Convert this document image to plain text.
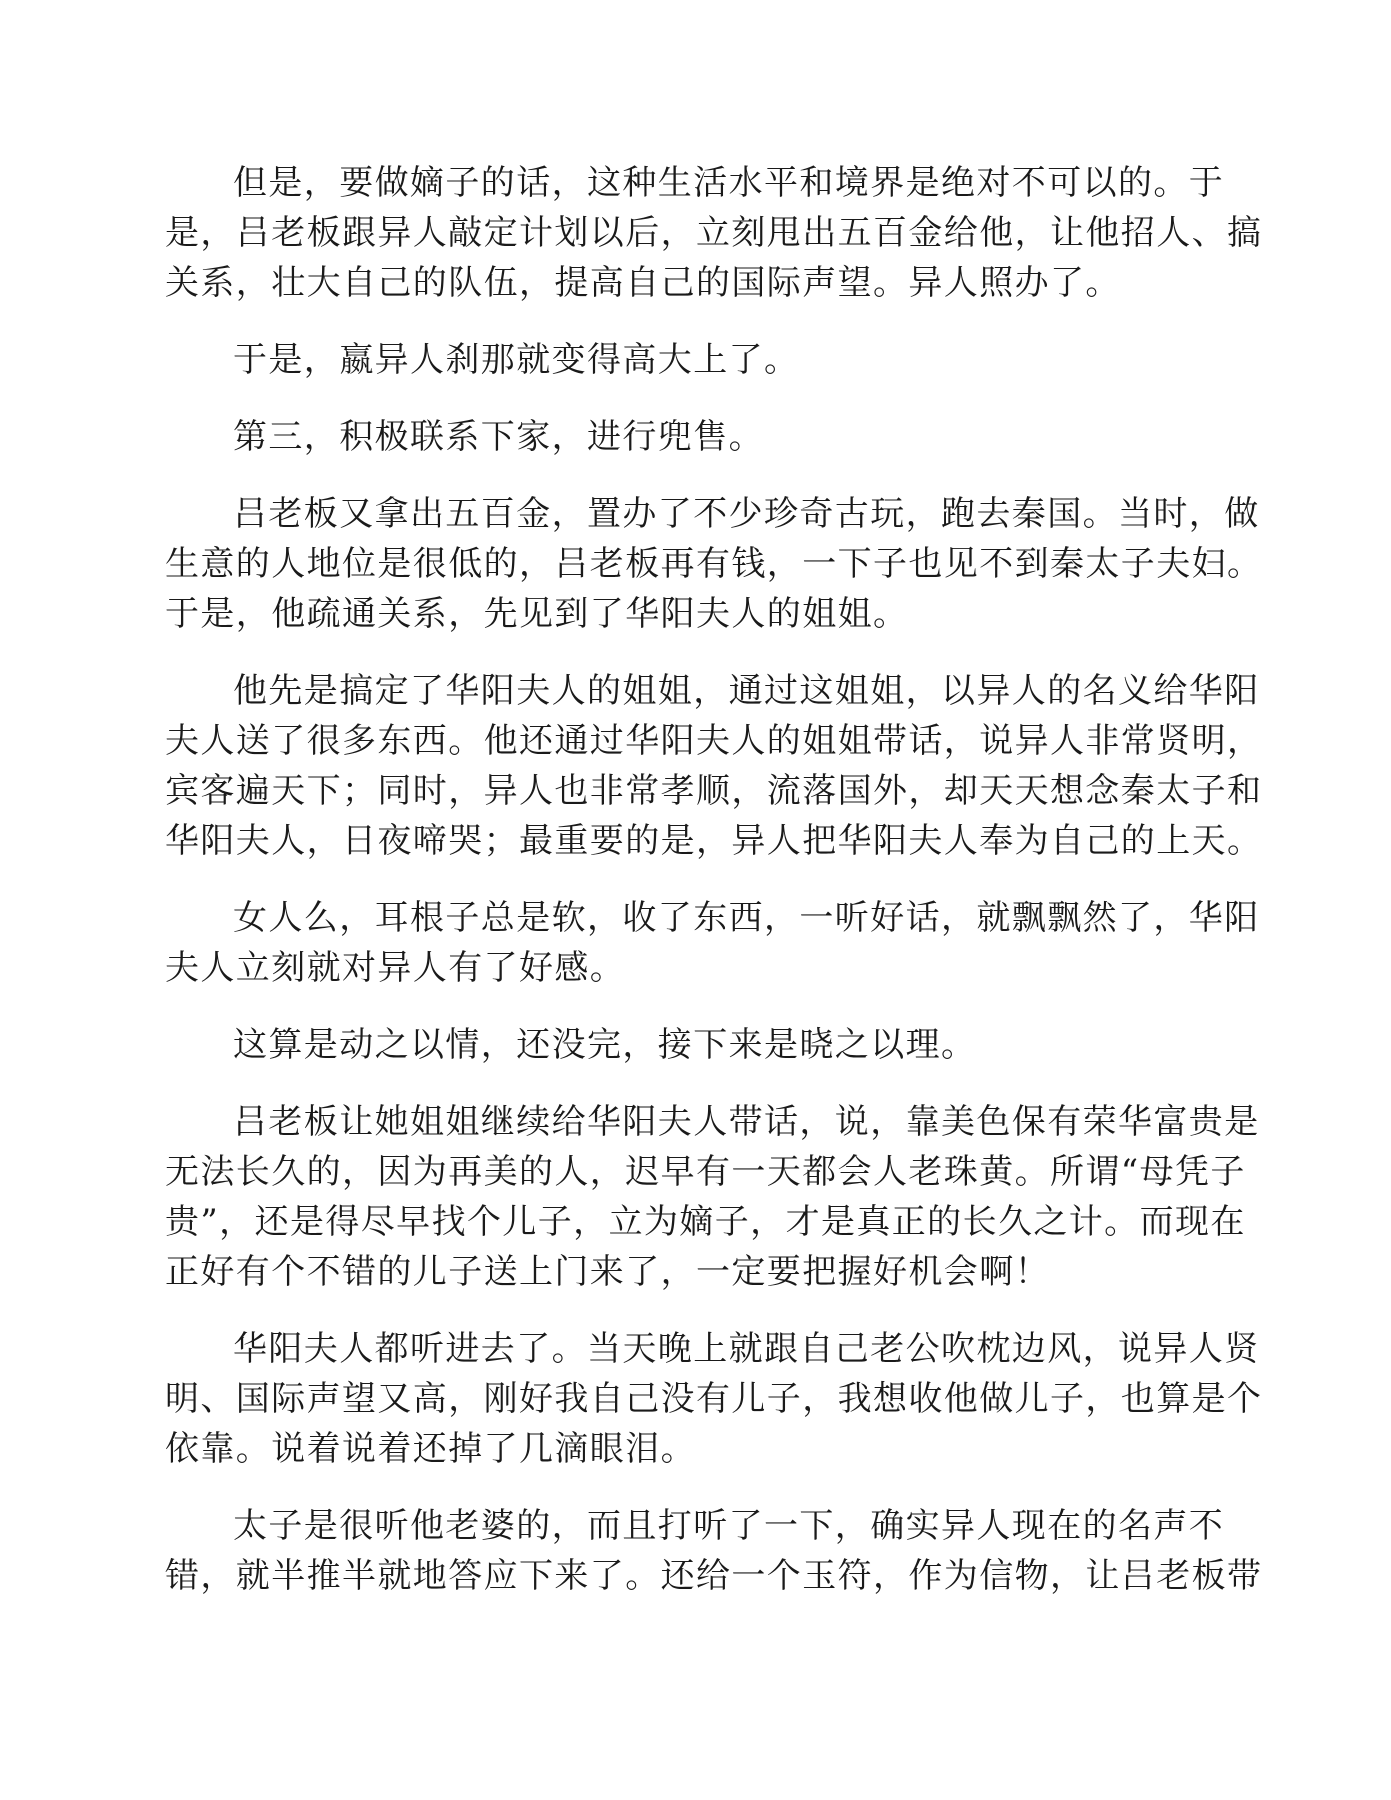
但是，要做嫡子的话，这种生活水平和境界是绝对不可以的。于
是，吕老板跟异人敲定计划以后，立刻甩出五百金给他，让他招人、搞
关系，壮大自己的队伍，提高自己的国际声望。异人照办了。

于是，嬴异人刹那就变得高大上了。

第三，积极联系下家，进行兜售。

吕老板又拿出五百金，置办了不少珍奇古玩，跑去秦国。当时，做
生意的人地位是很低的，吕老板再有钱，一下子也见不到秦太子夫妇。
于是，他疏通关系，先见到了华阳夫人的姐姐。

他先是搞定了华阳夫人的姐姐，通过这姐姐，以异人的名义给华阳
夫人送了很多东西。他还通过华阳夫人的姐姐带话，说异人非常贤明，
宾客遍天下；同时，异人也非常孝顺，流落国外，却天天想念秦太子和
华阳夫人，日夜啼哭；最重要的是，异人把华阳夫人奉为自己的上天。

女人么，耳根子总是软，收了东西，一听好话，就飘飘然了，华阳
夫人立刻就对异人有了好感。

这算是动之以情，还没完，接下来是晓之以理。

吕老板让她姐姐继续给华阳夫人带话，说，靠美色保有荣华富贵是
无法长久的，因为再美的人，迟早有一天都会人老珠黄。所谓“母凭子
贵”，还是得尽早找个儿子，立为嫡子，才是真正的长久之计。而现在
正好有个不错的儿子送上门来了，一定要把握好机会啊！

华阳夫人都听进去了。当天晚上就跟自己老公吹枕边风，说异人贤
明、国际声望又高，刚好我自己没有儿子，我想收他做儿子，也算是个
依靠。说着说着还掉了几滴眼泪。

太子是很听他老婆的，而且打听了一下，确实异人现在的名声不
错，就半推半就地答应下来了。还给一个玉符，作为信物，让吕老板带
